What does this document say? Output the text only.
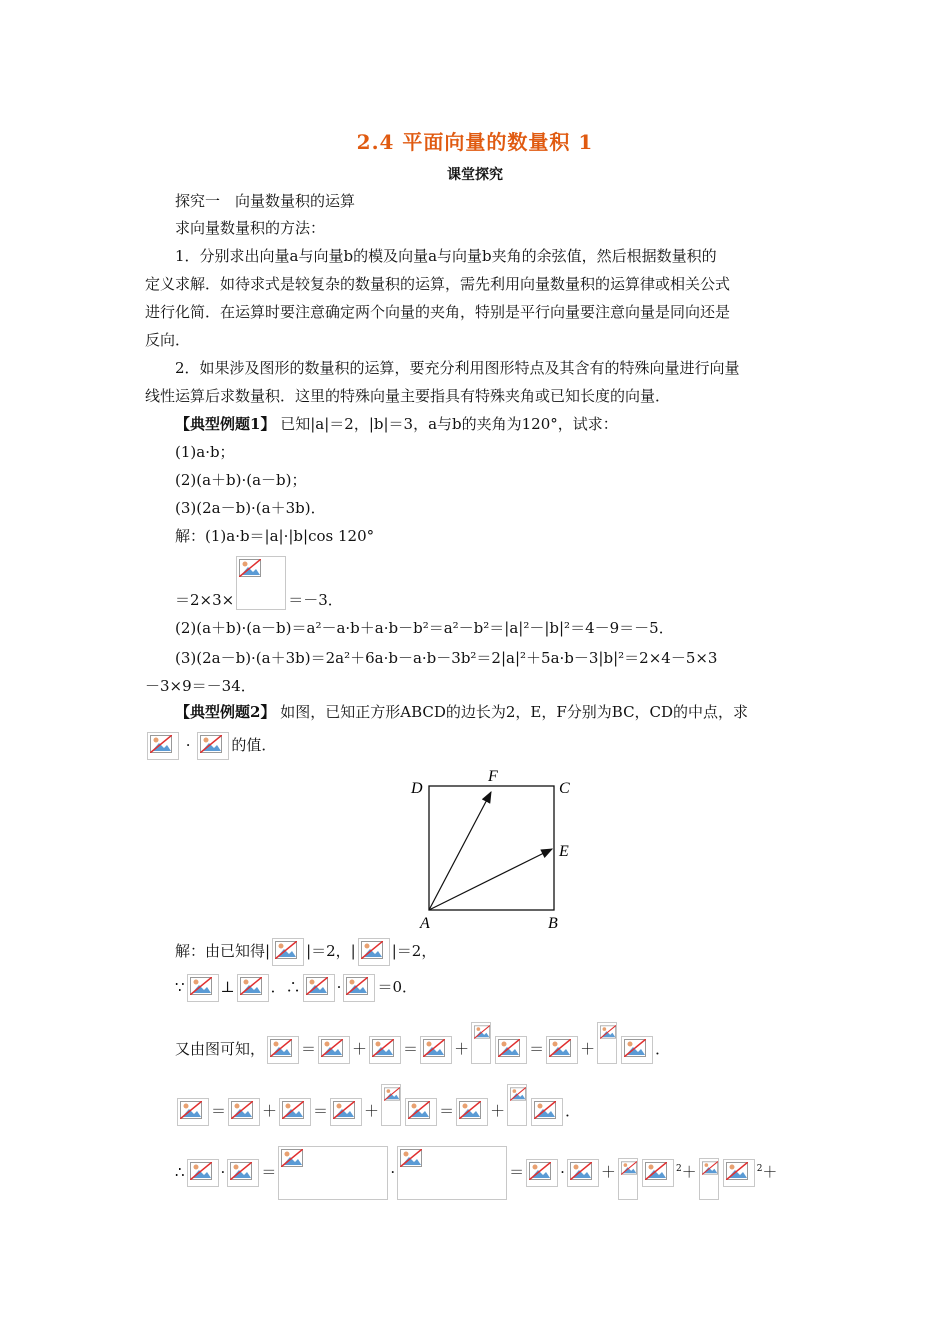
2.4 平面向量的数量积 1
课堂探究
探究一　向量数量积的运算
求向量数量积的方法：
1．分别求出向量a与向量b的模及向量a与向量b夹角的余弦值，然后根据数量积的
定义求解．如待求式是较复杂的数量积的运算，需先利用向量数量积的运算律或相关公式
进行化简．在运算时要注意确定两个向量的夹角，特别是平行向量要注意向量是同向还是
反向．
2．如果涉及图形的数量积的运算，要充分利用图形特点及其含有的特殊向量进行向量
线性运算后求数量积．这里的特殊向量主要指具有特殊夹角或已知长度的向量．
【典型例题1】 已知|a|＝2，|b|＝3，a与b的夹角为120°，试求：
(1)a·b；
(2)(a＋b)·(a－b)；
(3)(2a－b)·(a＋3b)．
解：(1)a·b＝|a|·|b|cos 120°
＝2×3×	＝－3．
(2)(a＋b)·(a－b)＝a²－a·b＋a·b－b²＝a²－b²＝|a|²－|b|²＝4－9＝－5．
(3)(2a－b)·(a＋3b)＝2a²＋6a·b－a·b－3b²＝2|a|²＋5a·b－3|b|²＝2×4－5×3
－3×9＝－34．
【典型例题2】 如图，已知正方形ABCD的边长为2，E，F分别为BC，CD的中点，求
·	的值．
D
F
C
E
A	B
解：由已知得| |＝2，| |＝2，
∵ ⊥ ．∴ · ＝0．
又由图可知， ＝ ＋ ＝ ＋	＝ ＋	．
＝ ＋ ＝ ＋	＝ ＋	．
∴ · ＝	·	＝ · ＋	$^2$＋	$^2$＋
